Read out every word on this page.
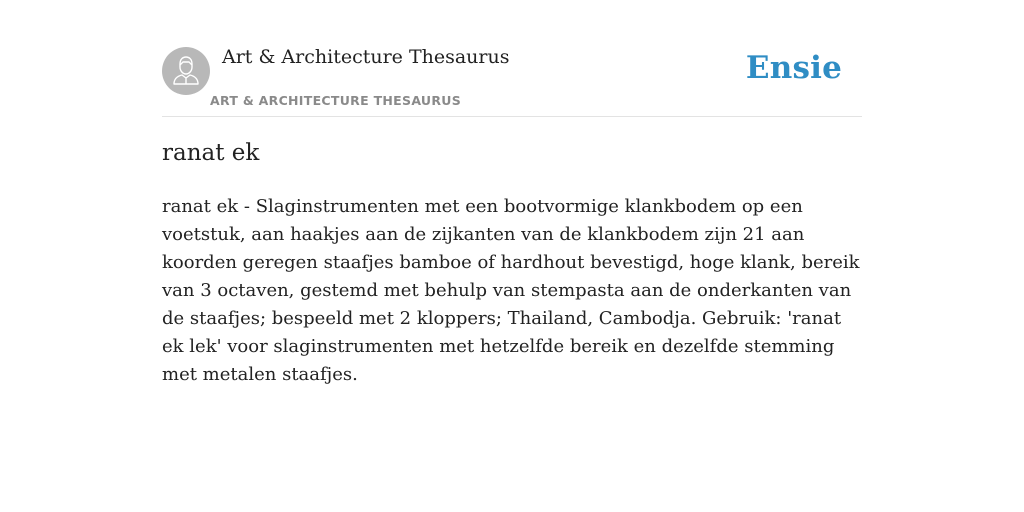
Art & Architecture Thesaurus
ART & ARCHITECTURE THESAURUS
Ensie
ranat ek

ranat ek - Slaginstrumenten met een bootvormige klankbodem op een voetstuk, aan haakjes aan de zijkanten van de klankbodem zijn 21 aan koorden geregen staafjes bamboe of hardhout bevestigd, hoge klank, bereik van 3 octaven, gestemd met behulp van stempasta aan de onderkanten van de staafjes; bespeeld met 2 kloppers; Thailand, Cambodja. Gebruik: 'ranat ek lek' voor slaginstrumenten met hetzelfde bereik en dezelfde stemming met metalen staafjes.
